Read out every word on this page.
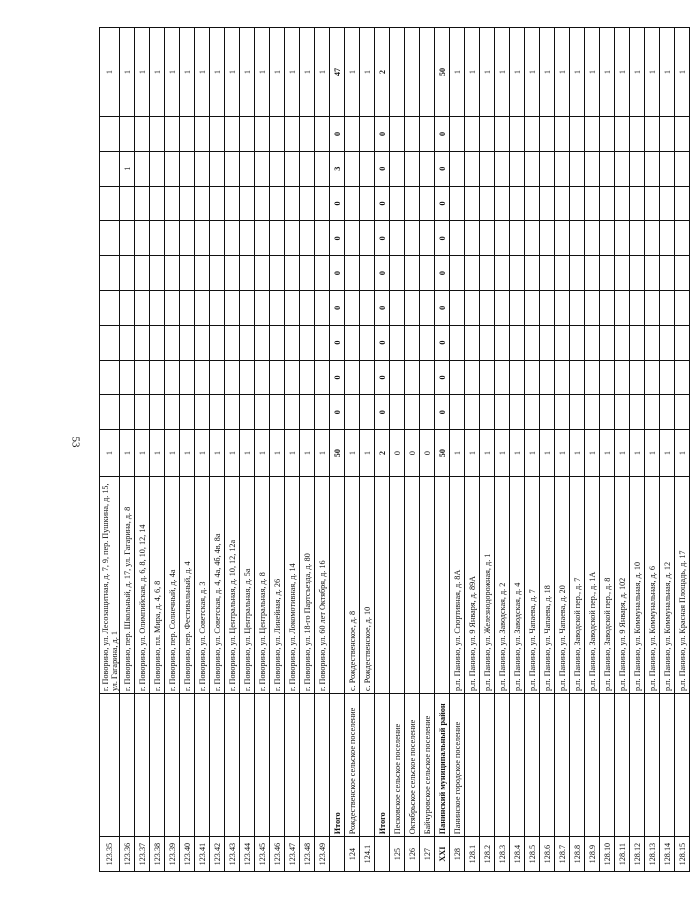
53
123.35		г. Поворино, ул. Лесозащитная, д. 7, 9, пер. Пушкина, д. 15, ул. Гагарина, д. 1	1										1
123.36		г. Поворино, пер. Школьный, д. 17, ул. Гагарина, д. 8	1								1		1
123.37		г. Поворино, ул. Олимпийская, д. 6, 8, 10, 12, 14	1										1
123.38		г. Поворино, пл. Мира, д. 4, 6, 8	1										1
123.39		г. Поворино, пер. Солнечный, д. 4а	1										1
123.40		г. Поворино, пер. Фестивальный, д. 4	1										1
123.41		г. Поворино, ул. Советская, д. 3	1										1
123.42		г. Поворино, ул. Советская, д. 4, 4а, 4б, 4в, 8а	1										1
123.43		г. Поворино, ул. Центральная, д. 10, 12, 12а	1										1
123.44		г. Поворино, ул. Центральная, д. 5а	1										1
123.45		г. Поворино, ул. Центральная, д. 8	1										1
123.46		г. Поворино, ул. Линейная, д. 26	1										1
123.47		г. Поворино, ул. Локомотивная, д. 14	1										1
123.48		г. Поворино, ул. 18-го Партсъезда, д. 80	1										1
123.49		г. Поворино, ул. 60 лет Октября, д. 16	1										1
	Итого		50	0	0	0	0	0	0	0	3	0	47
124	Рождественское сельское поселение	с. Рождественское, д. 8	1										1
124.1		с. Рождественское, д. 10	1										1
	Итого		2	0	0	0	0	0	0	0	0	0	2
125	Песковское сельское поселение		0										
126	Октябрьское сельское поселение		0										
127	Байчуровское сельское поселение		0										
XXI	Панинский муниципальный район		50	0	0	0	0	0	0	0	0	0	50
128	Панинское городское поселение	р.п. Панино, ул. Спортивная, д. 8А	1										1
128.1		р.п. Панино, ул. 9 Января, д. 89А	1										1
128.2		р.п. Панино, ул. Железнодорожная, д. 1	1										1
128.3		р.п. Панино, ул. Заводская, д. 2	1										1
128.4		р.п. Панино, ул. Заводская, д. 4	1										1
128.5		р.п. Панино, ул. Чапаева, д. 7	1										1
128.6		р.п. Панино, ул. Чапаева, д. 18	1										1
128.7		р.п. Панино, ул. Чапаева, д. 20	1										1
128.8		р.п. Панино, Заводской пер., д. 7	1										1
128.9		р.п. Панино, Заводской пер., д. 1А	1										1
128.10		р.п. Панино, Заводской пер., д. 8	1										1
128.11		р.п. Панино, ул. 9 Января, д. 102	1										1
128.12		р.п. Панино, ул. Коммунальная, д. 10	1										1
128.13		р.п. Панино, ул. Коммунальная, д. 6	1										1
128.14		р.п. Панино, ул. Коммунальная, д. 12	1										1
128.15		р.п. Панино, ул. Красная Площадь, д. 17	1										1
